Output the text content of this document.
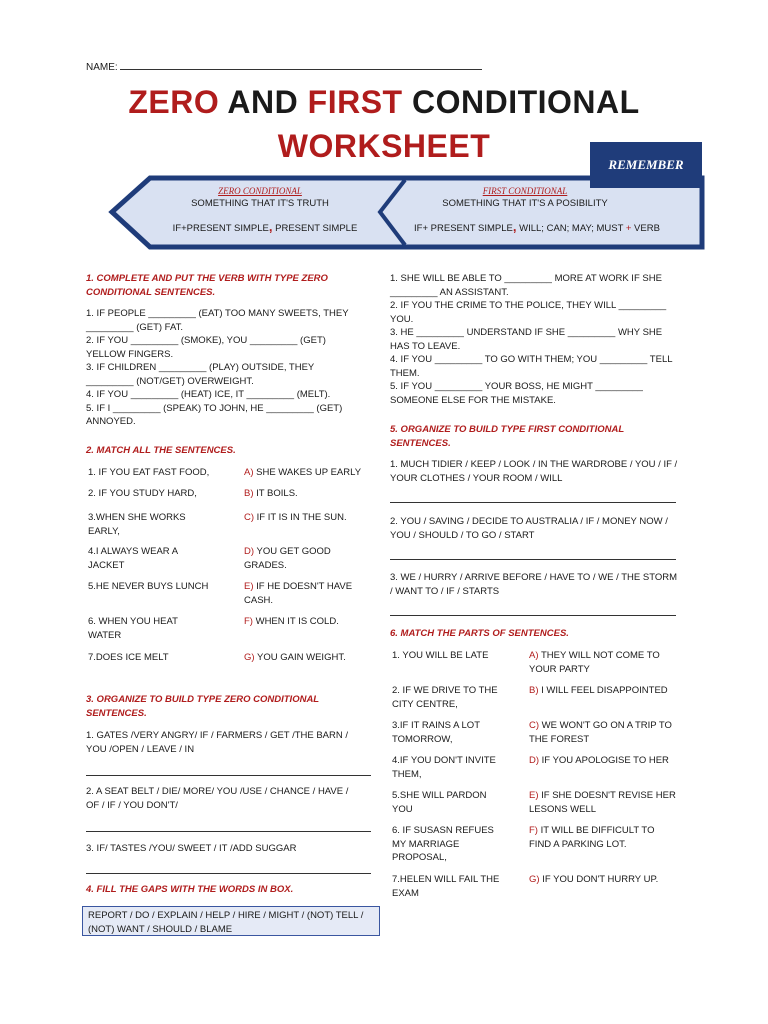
NAME:
ZERO AND FIRST CONDITIONAL
WORKSHEET
REMEMBER
ZERO CONDITIONAL
SOMETHING THAT IT'S TRUTH
IF+PRESENT SIMPLE, PRESENT SIMPLE
FIRST CONDITIONAL
SOMETHING THAT IT'S A POSIBILITY
IF+ PRESENT SIMPLE, WILL; CAN; MAY; MUST + VERB
1. COMPLETE AND PUT THE VERB WITH TYPE ZERO CONDITIONAL SENTENCES.
1. IF PEOPLE _________ (EAT) TOO MANY SWEETS, THEY _________ (GET) FAT.
2. IF YOU _________ (SMOKE), YOU _________ (GET) YELLOW FINGERS.
3. IF CHILDREN _________ (PLAY) OUTSIDE, THEY _________ (NOT/GET) OVERWEIGHT.
4. IF YOU _________ (HEAT) ICE, IT _________ (MELT).
5. IF I _________ (SPEAK) TO JOHN, HE _________ (GET) ANNOYED.
2. MATCH ALL THE SENTENCES.
1. IF YOU EAT FAST FOOD,	A) SHE WAKES UP EARLY
2. IF YOU STUDY HARD,	B) IT BOILS.
3.WHEN SHE WORKS EARLY,
C) IF IT IS IN THE SUN.
4.I ALWAYS WEAR A JACKET
D) YOU GET GOOD GRADES.
5.HE NEVER BUYS LUNCH	E) IF HE DOESN'T HAVE CASH.
6. WHEN YOU HEAT WATER
F) WHEN IT IS COLD.
7.DOES ICE MELT	G) YOU GAIN WEIGHT.
3. ORGANIZE TO BUILD TYPE ZERO CONDITIONAL SENTENCES.
1. GATES /VERY ANGRY/ IF / FARMERS / GET /THE BARN / YOU /OPEN / LEAVE / IN
2. A SEAT BELT / DIE/ MORE/ YOU /USE / CHANCE / HAVE / OF / IF / YOU DON'T/
3. IF/ TASTES /YOU/ SWEET / IT /ADD SUGGAR
4. FILL THE GAPS WITH THE WORDS IN BOX.
REPORT / DO / EXPLAIN / HELP / HIRE / MIGHT / (NOT) TELL / (NOT) WANT / SHOULD / BLAME
1. SHE WILL BE ABLE TO _________ MORE AT WORK IF SHE _________ AN ASSISTANT.
2. IF YOU THE CRIME TO THE POLICE, THEY WILL _________ YOU.
3. HE _________ UNDERSTAND IF SHE _________ WHY SHE HAS TO LEAVE.
4. IF YOU _________ TO GO WITH THEM; YOU _________ TELL THEM.
5. IF YOU _________ YOUR BOSS, HE MIGHT _________ SOMEONE ELSE FOR THE MISTAKE.
5. ORGANIZE TO BUILD TYPE FIRST CONDITIONAL SENTENCES.
1. MUCH TIDIER / KEEP / LOOK / IN THE WARDROBE / YOU / IF / YOUR CLOTHES / YOUR ROOM / WILL
2. YOU / SAVING / DECIDE TO AUSTRALIA / IF / MONEY NOW / YOU / SHOULD / TO GO / START
3. WE / HURRY / ARRIVE BEFORE / HAVE TO / WE / THE STORM / WANT TO / IF / STARTS
6. MATCH THE PARTS OF SENTENCES.
1. YOU WILL BE LATE	A) THEY WILL NOT COME TO YOUR PARTY
2. IF WE DRIVE TO THE CITY CENTRE,
B) I WILL FEEL DISAPPOINTED
3.IF IT RAINS A LOT TOMORROW,
C) WE WON'T GO ON A TRIP TO THE FOREST
4.IF YOU DON'T INVITE THEM,
D) IF YOU APOLOGISE TO HER
5.SHE WILL PARDON YOU
E) IF SHE DOESN'T REVISE HER LESONS WELL
6. IF SUSASN REFUES MY MARRIAGE PROPOSAL,
F) IT WILL BE DIFFICULT TO FIND A PARKING LOT.
7.HELEN WILL FAIL THE EXAM
G) IF YOU DON'T HURRY UP.
